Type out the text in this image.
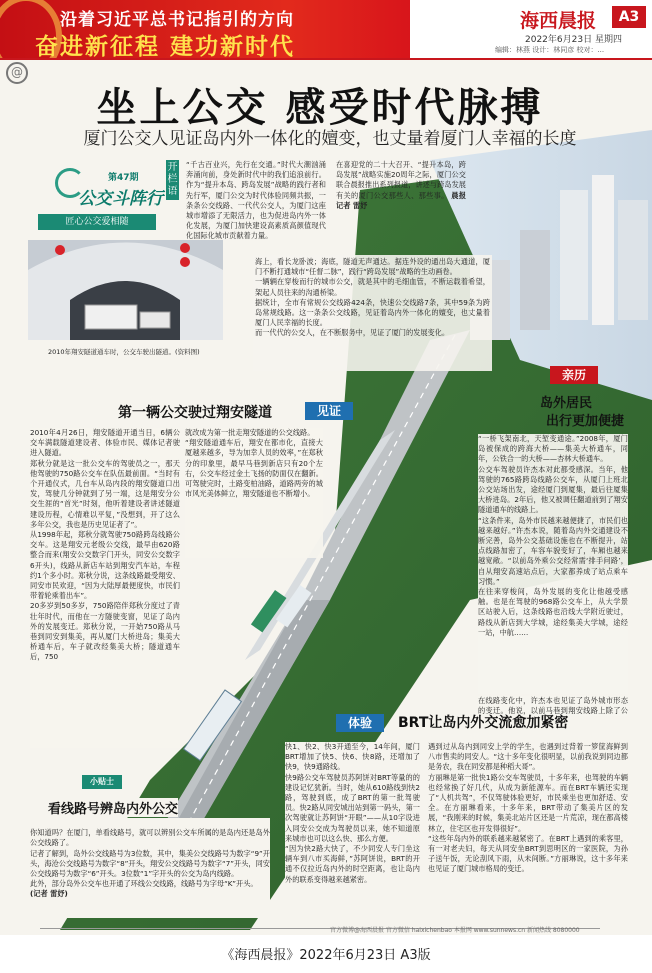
沿着习近平总书记指引的方向
奋进新征程 建功新时代
海西晨报	A3
2022年6月23日 星期四
编辑：林燕 设计：林同彦 校对：...
@
坐上公交 感受时代脉搏
厦门公交人见证岛内外一体化的嬗变，也丈量着厦门人幸福的长度
第47期
公交斗阵行
匠心公交爱相随
开栏语
“千古百业兴，先行在交通。”时代大潮汹涌奔涌向前，身处新时代中的我们追浪前行。作为“提升本岛、跨岛发展”战略的践行者和先行军，厦门公交为时代体验同频共振，一条条公交线路、一代代公交人，为厦门这座城市增添了无限活力，也为促进岛内外一体化发展，为厦门加快建设高素质高颜值现代化国际化城市贡献着力量。
在喜迎党的二十大召开、“提升本岛，跨岛发展”战略实施20周年之际，厦门公交联合晨报推出系列报道，讲述与跨岛发展有关的厦门公交那些人、那些事。 晨报记者 雷妤
2010年翔安隧道通车时，公交车驶出隧道。(资料图)
海上，看长龙卧波；海底，隧道无声通达。据连外设的通出岛大通道，厦门不断打通城市“任督二脉”，践行“跨岛发展”战略的生动画卷。
一辆辆在穿梭而行的城市公交，就是其中的毛细血管，不断运载着希望，架起人员往来的沟通桥梁。
据统计，全市有常规公交线路424条，快速公交线路7条，其中59条为跨岛常规线路。这一条条公交线路，见证着岛内外一体化的嬗变，也丈量着厦门人民幸福的长度。
而一代代的公交人，在不断服务中，见证了厦门的发展变化。
第一辆公交驶过翔安隧道	见证
2010年4月26日，翔安隧道开通当日，6辆公交车满载隧道建设者、体验市民、媒体记者驶进入隧道。
郑秋分就是这一批公交车的驾驶员之一，那天他驾驶的750路公交车在队伍最前面。“当时有个开通仪式，几台车从岛内段的翔安隧道口出发，驾驶几分钟就到了另一端，这是翔安分公交生涯的“首光”时刻，他听着建设者讲述隧道建设历程，心情难以平复，”没想到，开了这么多年公交，我也是历史见证者了”。
从1998年起，郑秋分就驾驶750路跨岛线路公交车。这是翔安元老级公交线，最早由620路整合而来(翔安公交数字门开头，同安公交数字6开头)，线路从新店车站到翔安汽车站，车程约1个多小时。郑秋分说，这条线路最受翔安、同安市民欢迎，“因为大陆厚最便度快，市民们带着轮乘着出车”。
20多岁到50多岁，750路陪伴郑秋分度过了青壮年时代，而他在一方隧驶变窗，见证了岛内外的发展变迁。郑秋分说，一开始750路从马巷到同安到集美，再从厦门大桥进岛；集美大桥通车后，车子就改经集美大桥；隧道通车后，750
就改成为第一批走翔安隧道的公交线路。
“翔安隧道通车后，翔安在都市化，直接大厦越来越多，导为加幸人员的效率，”在郑秋分的印象里，最早马巷到新店只有20个左右，公交车经过金土飞扬的防面仅在翻新。可驾驶完时，土路变柏油路，道路两旁的城市风光美体鲜立，翔安隧道也不断增小。
亲历
岛外居民
出行更加便捷
“一桥飞架南北，天堑变通途。”2008年，厦门岛被保成的跨海大桥——集美大桥通车，同年，公铁合一的大桥——杏林大桥通车。
公交车驾驶员许杰本对此都受感深。当年，他驾驶的765路跨岛线路公交车，从厦门上班北公交站场出发，途经厦门到厦集，最后往厦集大桥进岛。2年后，他又被调任翻道前到了翔安隧道通车的线路上。
“这条件来，岛外市民越来越便捷了，市民们也越来越好。”许杰本说，随着岛内外交通建设不断完善，岛外公交基础设施也在不断提升，站点线路加密了，车容车貌变好了，车厢也越来越宽敞。“以前岛外乘公交经常需‘排手问路’，自从翔安高速站点后，大家都养成了站点乘车习惯。”
在往来穿梭间，岛外发展的变化让他越受感触。也是在驾驶的968路公交车上，从大学景区站驶入后，这条线路也沿线大学附近驶过，路线从新店到大学城，途经集美大学城，途经一站，中航……
在线路变化中，许杰本也见证了岛外城市形态的变迁。他说，以前马巷到翔安线路上除了公
体验	BRT让岛内外交流愈加紧密
快1、快2、快3开通至今，14年间，厦门BRT增加了快5、快6、快8路，还增加了快9，快9通路线。
快9路公交车驾驶员苏阿饼对BRT等量的的建设记忆犹新。当时，她从610路线到快2路，驾驶到底，成了BRT的第一批驾驶员。快2路从同安城出站到第一码头，第一次驾驶就让苏阿饼“开眼”——从10字设进入同安公交成为驾驶员以来，她不知道原来城市也可以这么快、那么方便。
“因为快2路大快了，不少同安人专门坐这辆车到八市买海鲜，”苏阿饼说，BRT的开通不仅拉近岛内外的时空距离，也让岛内外的联系变得越来越紧密。
遇到过从岛内到同安上学的学生，也遇到过背着一箩筐海鲜到八市售卖的同安人。“这十多年变化很明显，以前我说到同边都是务农，我在同安都是种稻大哥”。
方丽琳是第一批快1路公交车驾驶员，十多年来，也驾驶的车辆也经常换了好几代，从成为新能源车。而在BRT车辆还实现了“人机共驾”，不仅驾驶体验更好，市民乘坐也更加舒适、安全。在方丽琳看来，十多年来，BRT带动了集美片区的发展，“我刚来的时候，集美北站片区还是一片荒凉，现在都高楼林立，住宅区也开发得很好”。
“这些年岛内外的联系越来越紧密了。在BRT上遇到的乘客里，有一对老夫妇，每天从同安坐BRT到思明区的一家医院，为孙子送午饭，无论刮风下雨，从未间断。”方丽琳说，这十多年来也见证了厦门城市格局的变迁。
小贴士
看线路号辨岛内外公交

你知道吗？在厦门，单看线路号，就可以辨别公交车所属的是岛内还是岛外公交线路了。
记者了解到，岛外公交线路号为3位数，其中，集美公交线路号为数字“9”开头，海沧公交线路号为数字“8”开头，翔安公交线路号为数字“7”开头，同安公交线路号为数字“6”开头。3位数“1”字开头的公交为岛内线路。
此外，部分岛外公交车也开通了环线公交线路，线路号为字母“K”开头。
(记者 雷妤)

官方微博@海西晨报 官方微信 haixichenbao 本报网 www.sunnews.cn 新闻热线 8080000
《海西晨报》2022年6月23日 A3版
